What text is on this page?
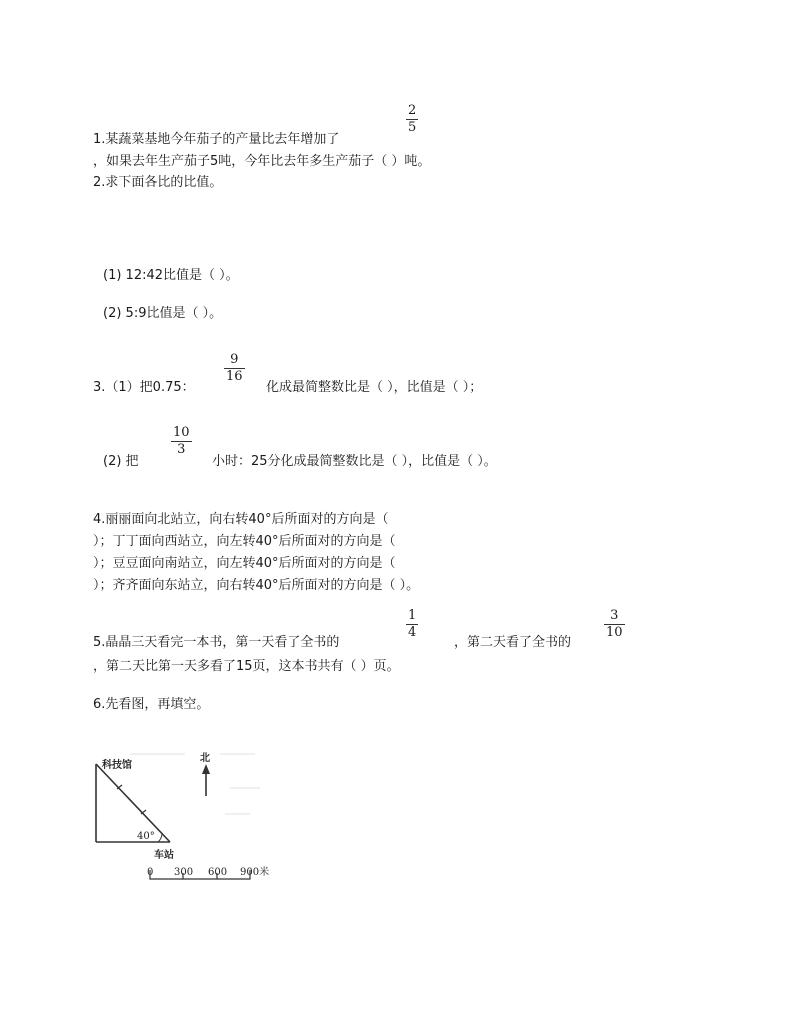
2
5
1.某蔬菜基地今年茄子的产量比去年增加了
，如果去年生产茄子5吨，今年比去年多生产茄子（ ）吨。
2.求下面各比的比值。
(1) 12:42比值是（ ）。
(2) 5:9比值是（ ）。
9
16
3.（1）把0.75：	化成最简整数比是（ ），比值是（ ）；
10
3
(2) 把	小时：25分化成最简整数比是（ ），比值是（ ）。
4.丽丽面向北站立，向右转40°后所面对的方向是（
）；丁丁面向西站立，向左转40°后所面对的方向是（
）；豆豆面向南站立，向左转40°后所面对的方向是（
）；齐齐面向东站立，向右转40°后所面对的方向是（ ）。
1
4
3
10
5.晶晶三天看完一本书，第一天看了全书的	，第二天看了全书的
，第二天比第一天多看了15页，这本书共有（ ）页。
6.先看图，再填空。
科技馆
北
40°
车站
0 300 600 900米
